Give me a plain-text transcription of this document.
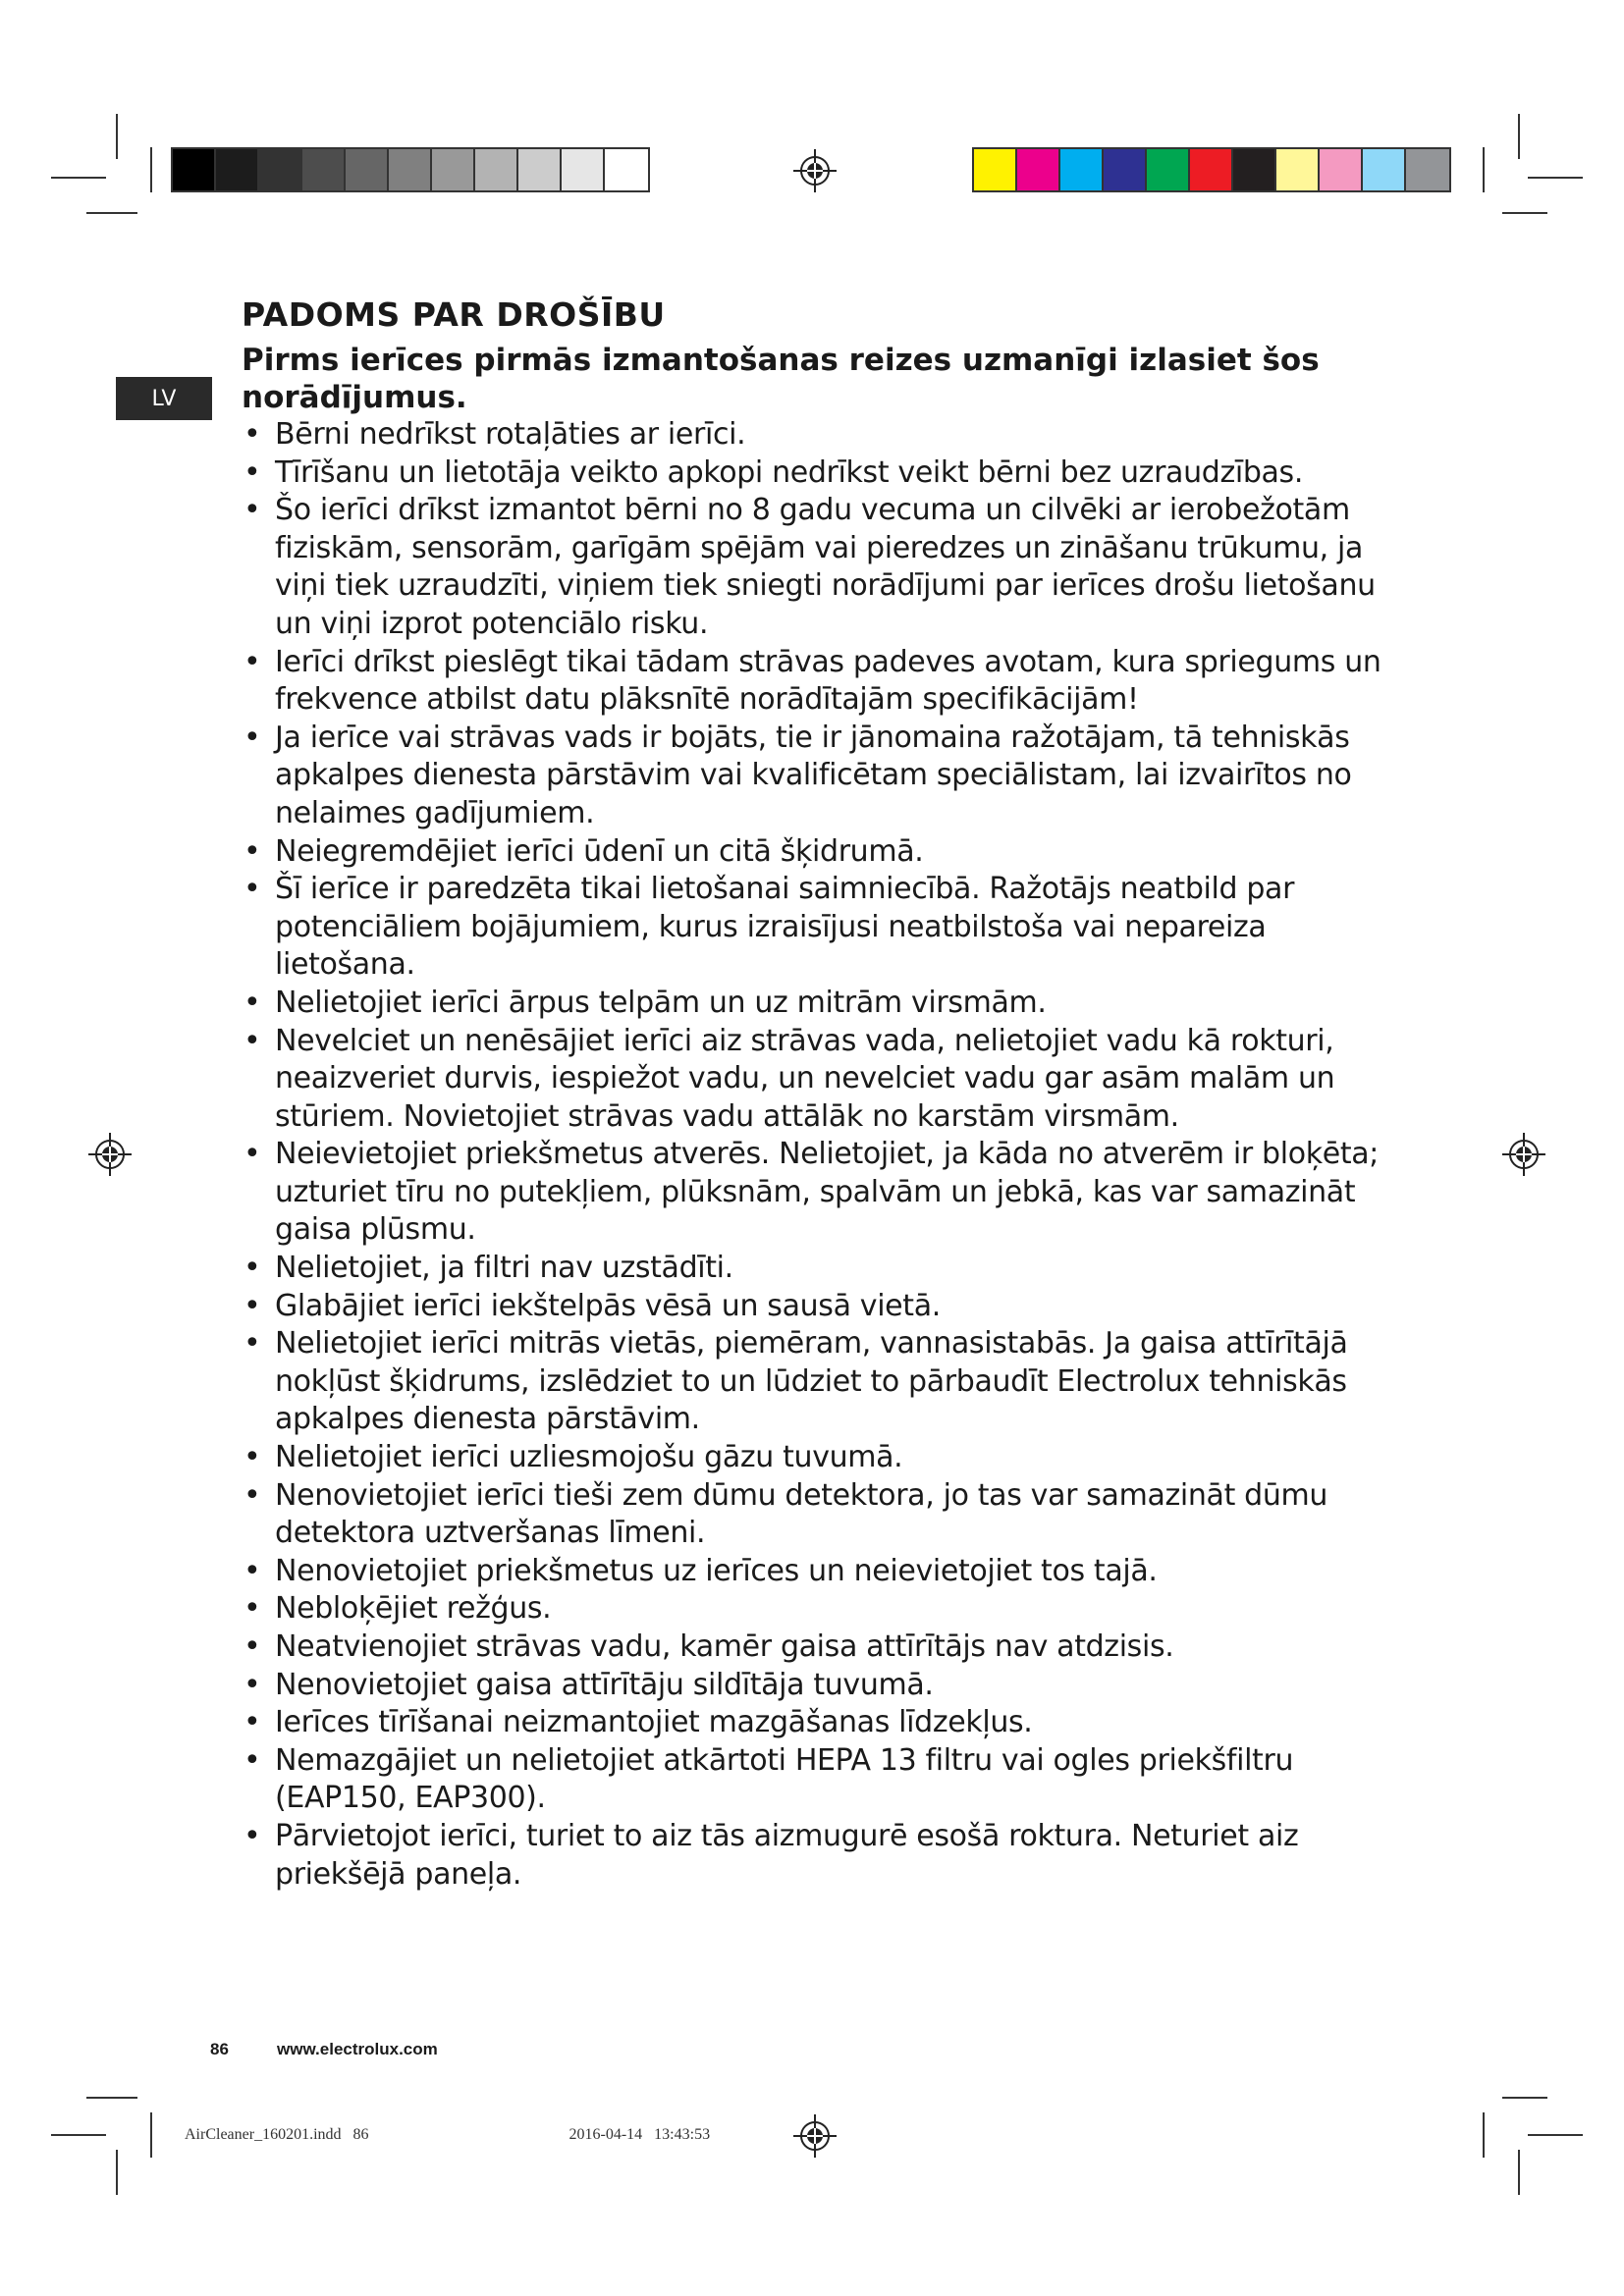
LV
PADOMS PAR DROŠĪBU

Pirms ierīces pirmās izmantošanas reizes uzmanīgi izlasiet šos norādījumus.

• Bērni nedrīkst rotaļāties ar ierīci.
• Tīrīšanu un lietotāja veikto apkopi nedrīkst veikt bērni bez uzraudzības.
• Šo ierīci drīkst izmantot bērni no 8 gadu vecuma un cilvēki ar ierobežotām fiziskām, sensorām, garīgām spējām vai pieredzes un zināšanu trūkumu, ja viņi tiek uzraudzīti, viņiem tiek sniegti norādījumi par ierīces drošu lietošanu un viņi izprot potenciālo risku.
• Ierīci drīkst pieslēgt tikai tādam strāvas padeves avotam, kura spriegums un frekvence atbilst datu plāksnītē norādītajām specifikācijām!
• Ja ierīce vai strāvas vads ir bojāts, tie ir jānomaina ražotājam, tā tehniskās apkalpes dienesta pārstāvim vai kvalificētam speciālistam, lai izvairītos no nelaimes gadījumiem.
• Neiegremdējiet ierīci ūdenī un citā šķidrumā.
• Šī ierīce ir paredzēta tikai lietošanai saimniecībā. Ražotājs neatbild par potenciāliem bojājumiem, kurus izraisījusi neatbilstoša vai nepareiza lietošana.
• Nelietojiet ierīci ārpus telpām un uz mitrām virsmām.
• Nevelciet un nenēsājiet ierīci aiz strāvas vada, nelietojiet vadu kā rokturi, neaizveriet durvis, iespiežot vadu, un nevelciet vadu gar asām malām un stūriem. Novietojiet strāvas vadu attālāk no karstām virsmām.
• Neievietojiet priekšmetus atverēs. Nelietojiet, ja kāda no atverēm ir bloķēta; uzturiet tīru no putekļiem, plūksnām, spalvām un jebkā, kas var samazināt gaisa plūsmu.
• Nelietojiet, ja filtri nav uzstādīti.
• Glabājiet ierīci iekštelpās vēsā un sausā vietā.
• Nelietojiet ierīci mitrās vietās, piemēram, vannasistabās. Ja gaisa attīrītājā nokļūst šķidrums, izslēdziet to un lūdziet to pārbaudīt Electrolux tehniskās apkalpes dienesta pārstāvim.
• Nelietojiet ierīci uzliesmojošu gāzu tuvumā.
• Nenovietojiet ierīci tieši zem dūmu detektora, jo tas var samazināt dūmu detektora uztveršanas līmeni.
• Nenovietojiet priekšmetus uz ierīces un neievietojiet tos tajā.
• Nebloķējiet režģus.
• Neatvienojiet strāvas vadu, kamēr gaisa attīrītājs nav atdzisis.
• Nenovietojiet gaisa attīrītāju sildītāja tuvumā.
• Ierīces tīrīšanai neizmantojiet mazgāšanas līdzekļus.
• Nemazgājiet un nelietojiet atkārtoti HEPA 13 filtru vai ogles priekšfiltru (EAP150, EAP300).
• Pārvietojot ierīci, turiet to aiz tās aizmugurē esošā roktura. Neturiet aiz priekšējā paneļa.
86	www.electrolux.com
AirCleaner_160201.indd   86                                                   2016-04-14   13:43:53
